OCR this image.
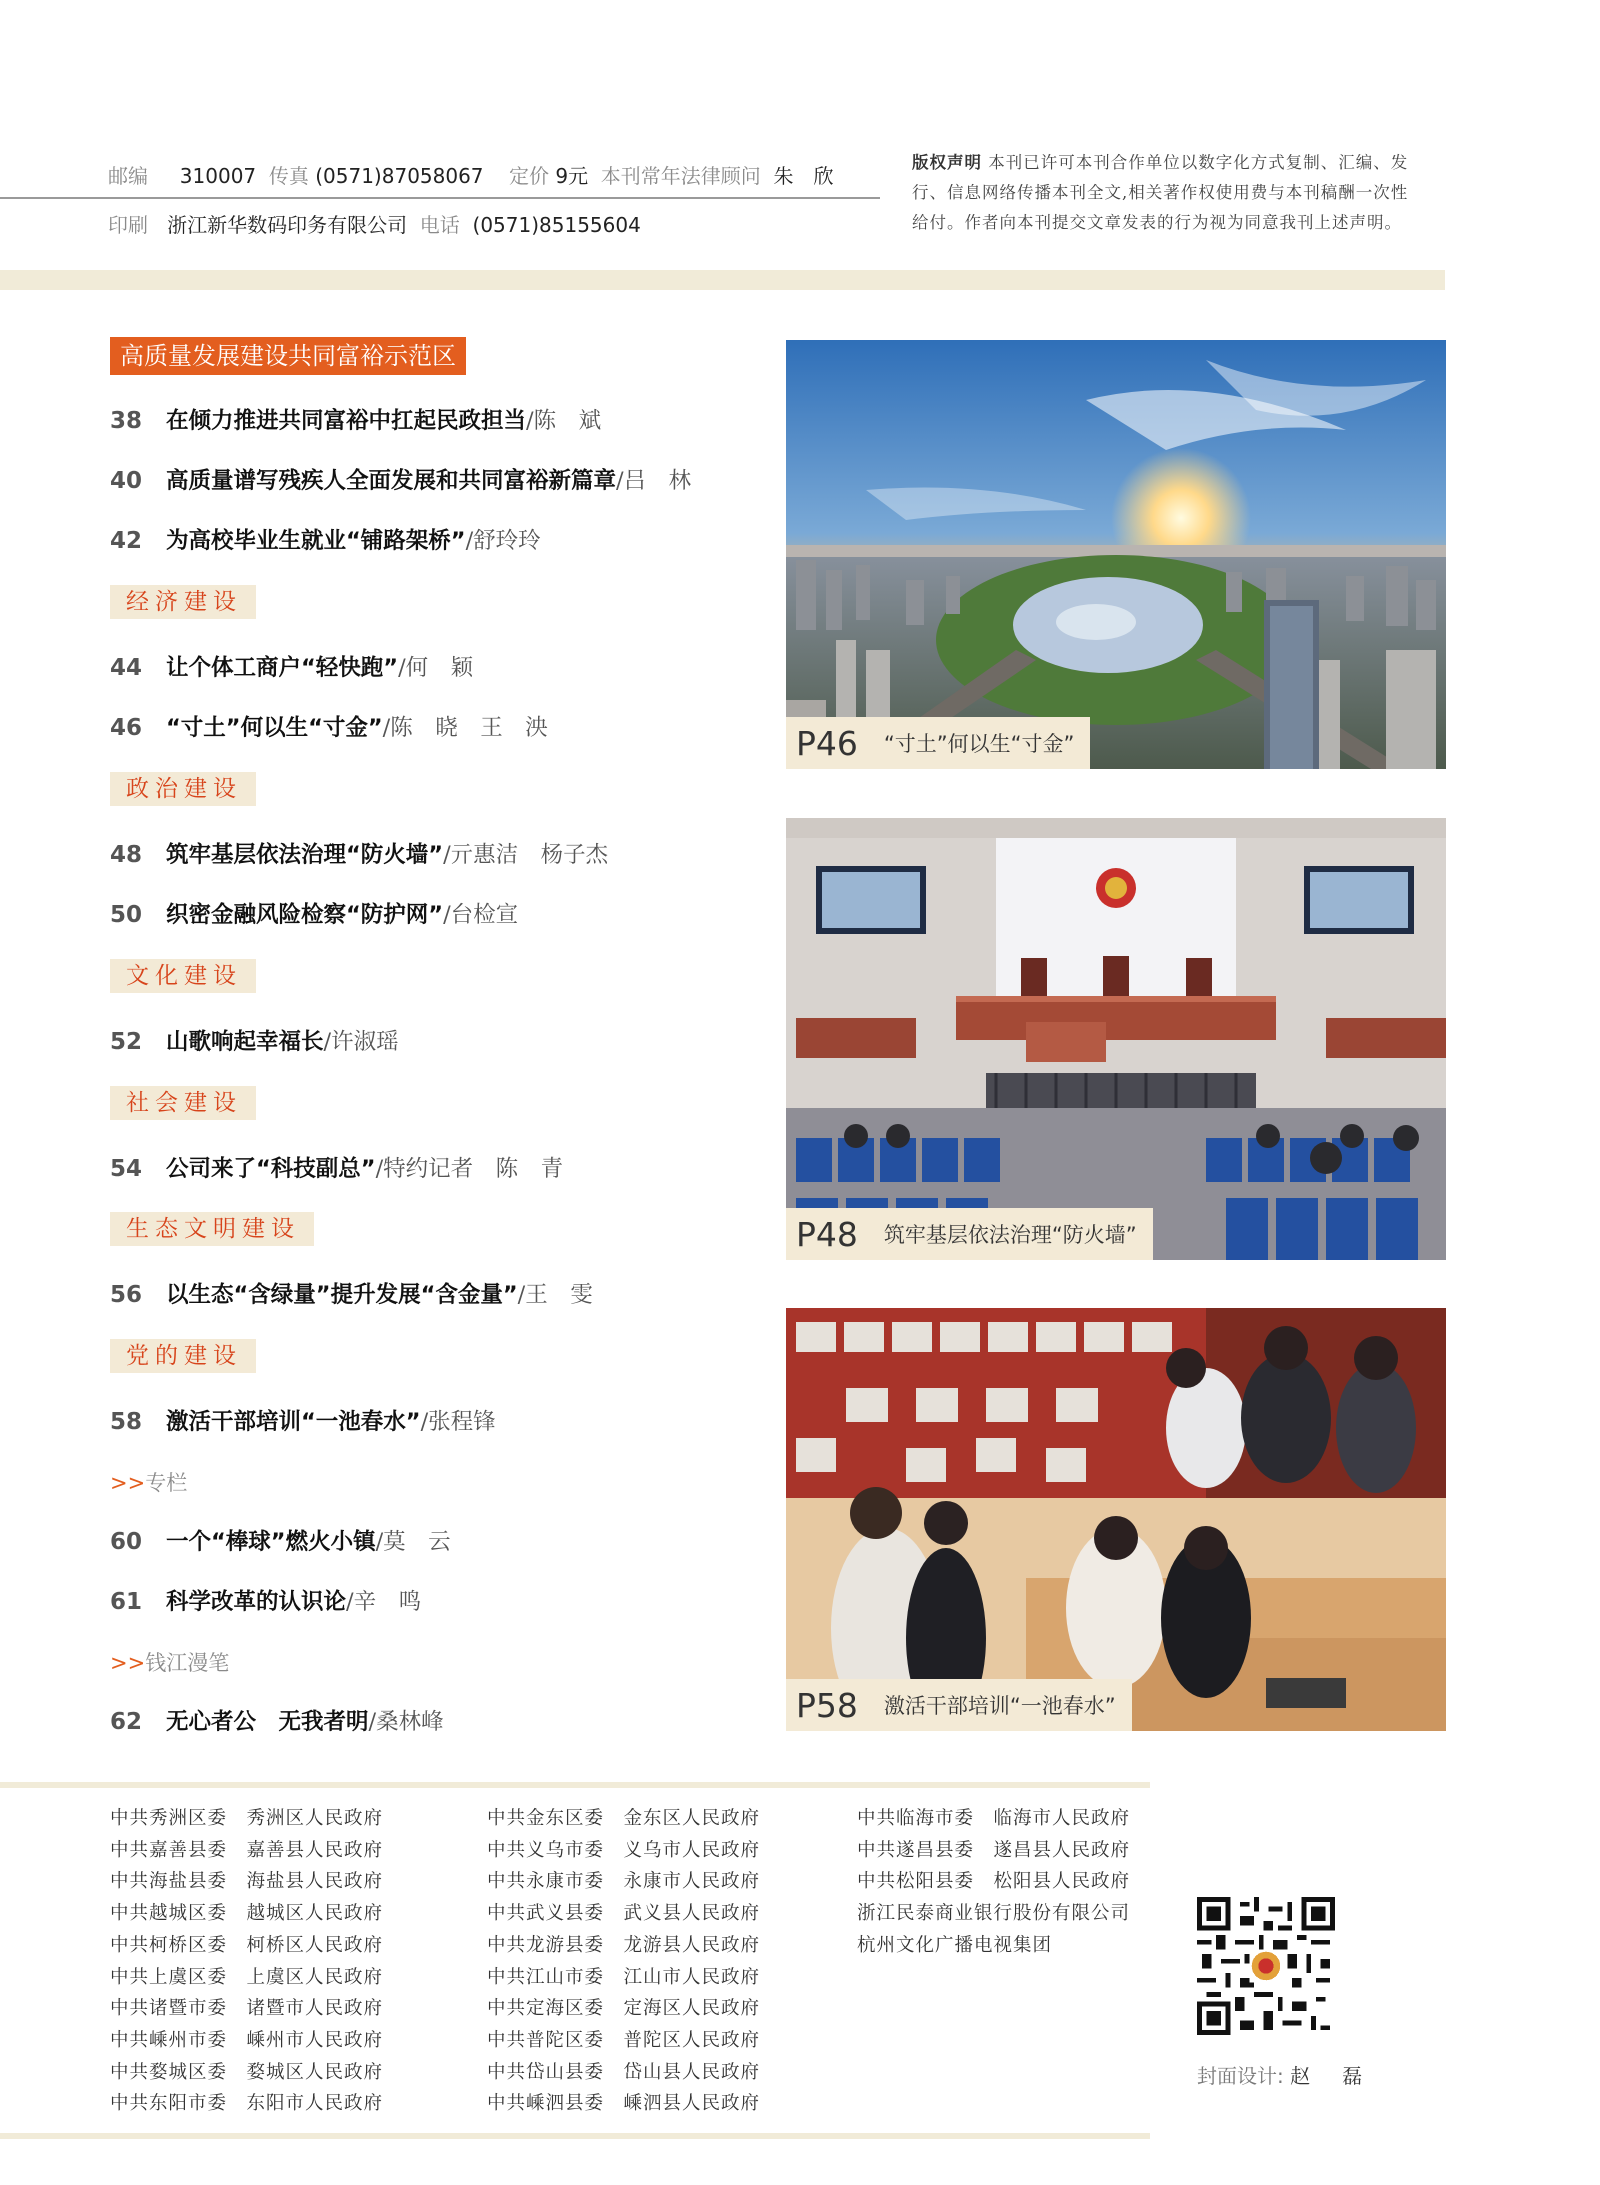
邮编 310007 传真 (0571)87058067 定价 9元 本刊常年法律顾问 朱　欣
印刷 浙江新华数码印务有限公司 电话 (0571)85155604
版权声明 本刊已许可本刊合作单位以数字化方式复制、汇编、发
行、信息网络传播本刊全文,相关著作权使用费与本刊稿酬一次性
给付。作者向本刊提交文章发表的行为视为同意我刊上述声明。
高质量发展建设共同富裕示范区
38 在倾力推进共同富裕中扛起民政担当/陈　斌
40 高质量谱写残疾人全面发展和共同富裕新篇章/吕　林
42 为高校毕业生就业“铺路架桥”/舒玲玲
经济建设
44 让个体工商户“轻快跑”/何　颖
46 “寸土”何以生“寸金”/陈　晓　王　泱
政治建设
48 筑牢基层依法治理“防火墙”/亓惠洁　杨子杰
50 织密金融风险检察“防护网”/台检宣
文化建设
52 山歌响起幸福长/许淑瑶
社会建设
54 公司来了“科技副总”/特约记者　陈　青
生态文明建设
56 以生态“含绿量”提升发展“含金量”/王　雯
党的建设
58 激活干部培训“一池春水”/张程锋
>>专栏
60 一个“棒球”燃火小镇/莫　云
61 科学改革的认识论/辛　鸣
>>钱江漫笔
62 无心者公　无我者明/桑林峰
P46	“寸土”何以生“寸金”
P48	筑牢基层依法治理“防火墙”
P58	激活干部培训“一池春水”
中共秀洲区委　秀洲区人民政府
中共嘉善县委　嘉善县人民政府
中共海盐县委　海盐县人民政府
中共越城区委　越城区人民政府
中共柯桥区委　柯桥区人民政府
中共上虞区委　上虞区人民政府
中共诸暨市委　诸暨市人民政府
中共嵊州市委　嵊州市人民政府
中共婺城区委　婺城区人民政府
中共东阳市委　东阳市人民政府
中共金东区委　金东区人民政府
中共义乌市委　义乌市人民政府
中共永康市委　永康市人民政府
中共武义县委　武义县人民政府
中共龙游县委　龙游县人民政府
中共江山市委　江山市人民政府
中共定海区委　定海区人民政府
中共普陀区委　普陀区人民政府
中共岱山县委　岱山县人民政府
中共嵊泗县委　嵊泗县人民政府
中共临海市委　临海市人民政府
中共遂昌县委　遂昌县人民政府
中共松阳县委　松阳县人民政府
浙江民泰商业银行股份有限公司
杭州文化广播电视集团
封面设计: 赵　磊
